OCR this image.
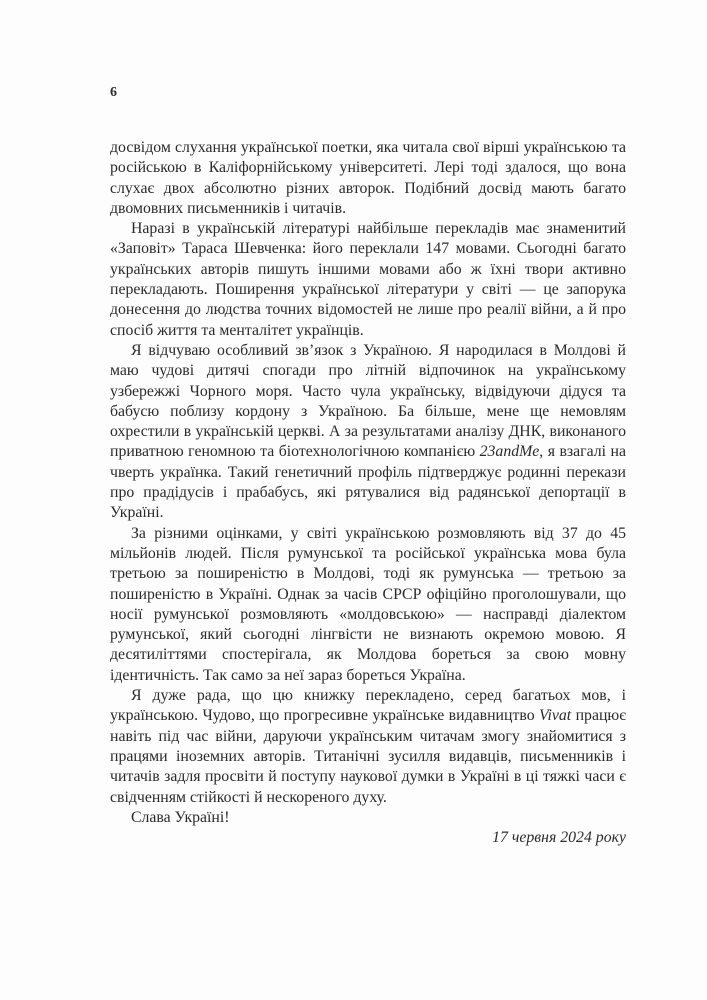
6

досвідом слухання української поетки, яка читала свої вірші українською та російською в Каліфорнійському університеті. Лері тоді здалося, що вона слухає двох абсолютно різних авторок. Подібний досвід мають багато двомовних письменників і читачів.

Наразі в українській літературі найбільше перекладів має знаменитий «Заповіт» Тараса Шевченка: його переклали 147 мовами. Сьогодні багато українських авторів пишуть іншими мовами або ж їхні твори активно перекладають. Поширення української літератури у світі — це запорука донесення до людства точних відомостей не лише про реалії війни, а й про спосіб життя та менталітет українців.

Я відчуваю особливий зв’язок з Україною. Я народилася в Молдові й маю чудові дитячі спогади про літній відпочинок на українському узбережжі Чорного моря. Часто чула українську, відвідуючи дідуся та бабусю поблизу кордону з Україною. Ба більше, мене ще немовлям охрестили в українській церкві. А за результатами аналізу ДНК, виконаного приватною геномною та біотехнологічною компанією 23andMe, я взагалі на чверть українка. Такий генетичний профіль підтверджує родинні перекази про прадідусів і прабабусь, які рятувалися від радянської депортації в Україні.

За різними оцінками, у світі українською розмовляють від 37 до 45 мільйонів людей. Після румунської та російської українська мова була третьою за поширеністю в Молдові, тоді як румунська — третьою за поширеністю в Україні. Однак за часів СРСР офіційно проголошували, що носії румунської розмовляють «молдовською» — насправді діалектом румунської, який сьогодні лінгвісти не визнають окремою мовою. Я десятиліттями спостерігала, як Молдова бореться за свою мовну ідентичність. Так само за неї зараз бореться Україна.

Я дуже рада, що цю книжку перекладено, серед багатьох мов, і українською. Чудово, що прогресивне українське видавництво Vivat працює навіть під час війни, даруючи українським читачам змогу знайомитися з працями іноземних авторів. Титанічні зусилля видавців, письменників і читачів задля просвіти й поступу наукової думки в Україні в ці тяжкі часи є свідченням стійкості й нескореного духу.

Слава Україні!

17 червня 2024 року
